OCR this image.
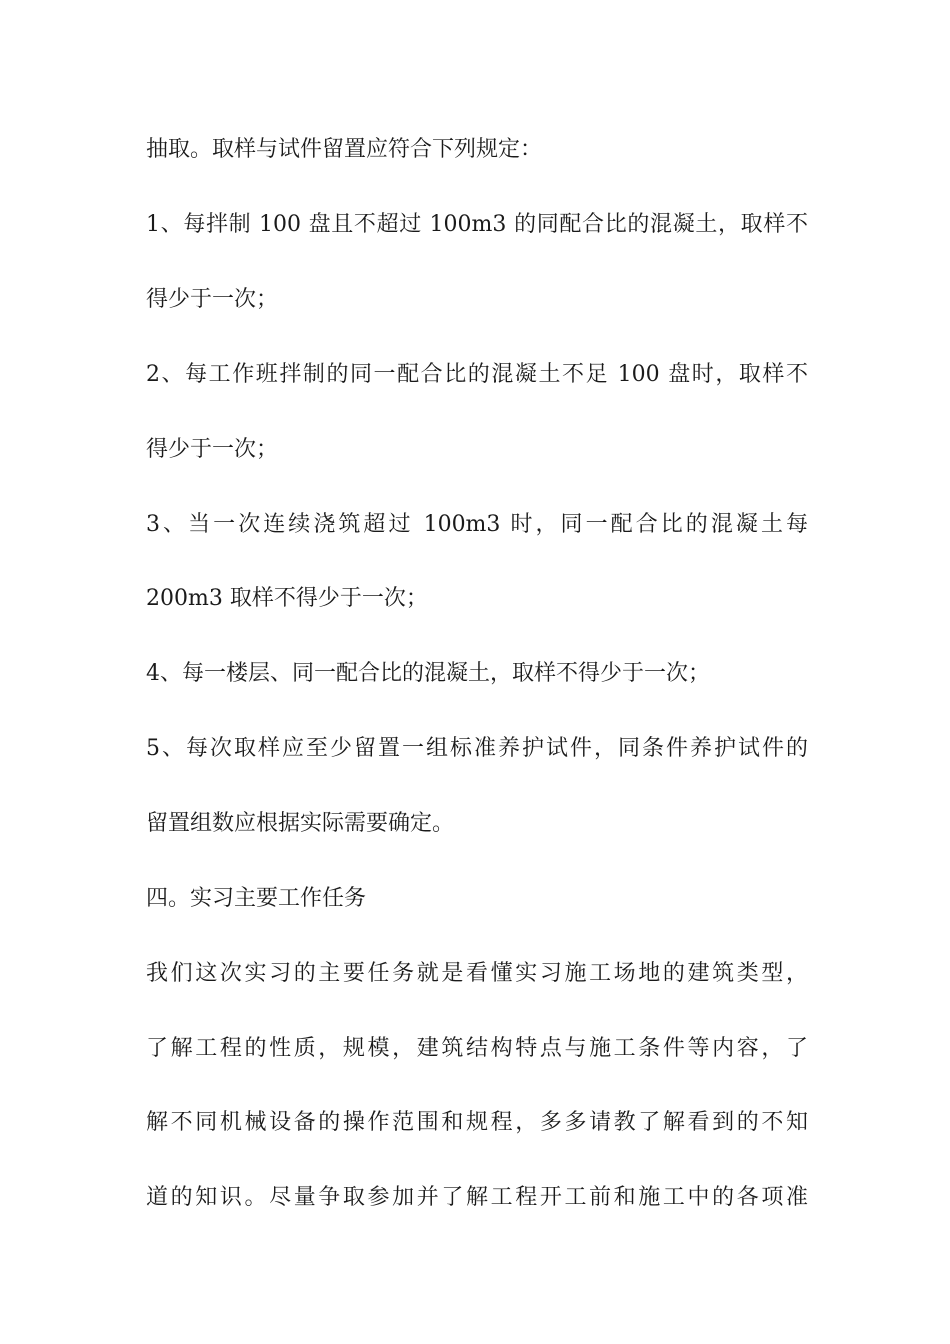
抽取。取样与试件留置应符合下列规定：
1、每拌制 100 盘且不超过 100m3 的同配合比的混凝土，取样不
得少于一次；
2、每工作班拌制的同一配合比的混凝土不足 100 盘时，取样不
得少于一次；
3、当一次连续浇筑超过 100m3 时，同一配合比的混凝土每
200m3 取样不得少于一次；
4、每一楼层、同一配合比的混凝土，取样不得少于一次；
5、每次取样应至少留置一组标准养护试件，同条件养护试件的
留置组数应根据实际需要确定。
四。实习主要工作任务
我们这次实习的主要任务就是看懂实习施工场地的建筑类型，
了解工程的性质，规模，建筑结构特点与施工条件等内容，了
解不同机械设备的操作范围和规程，多多请教了解看到的不知
道的知识。尽量争取参加并了解工程开工前和施工中的各项准
